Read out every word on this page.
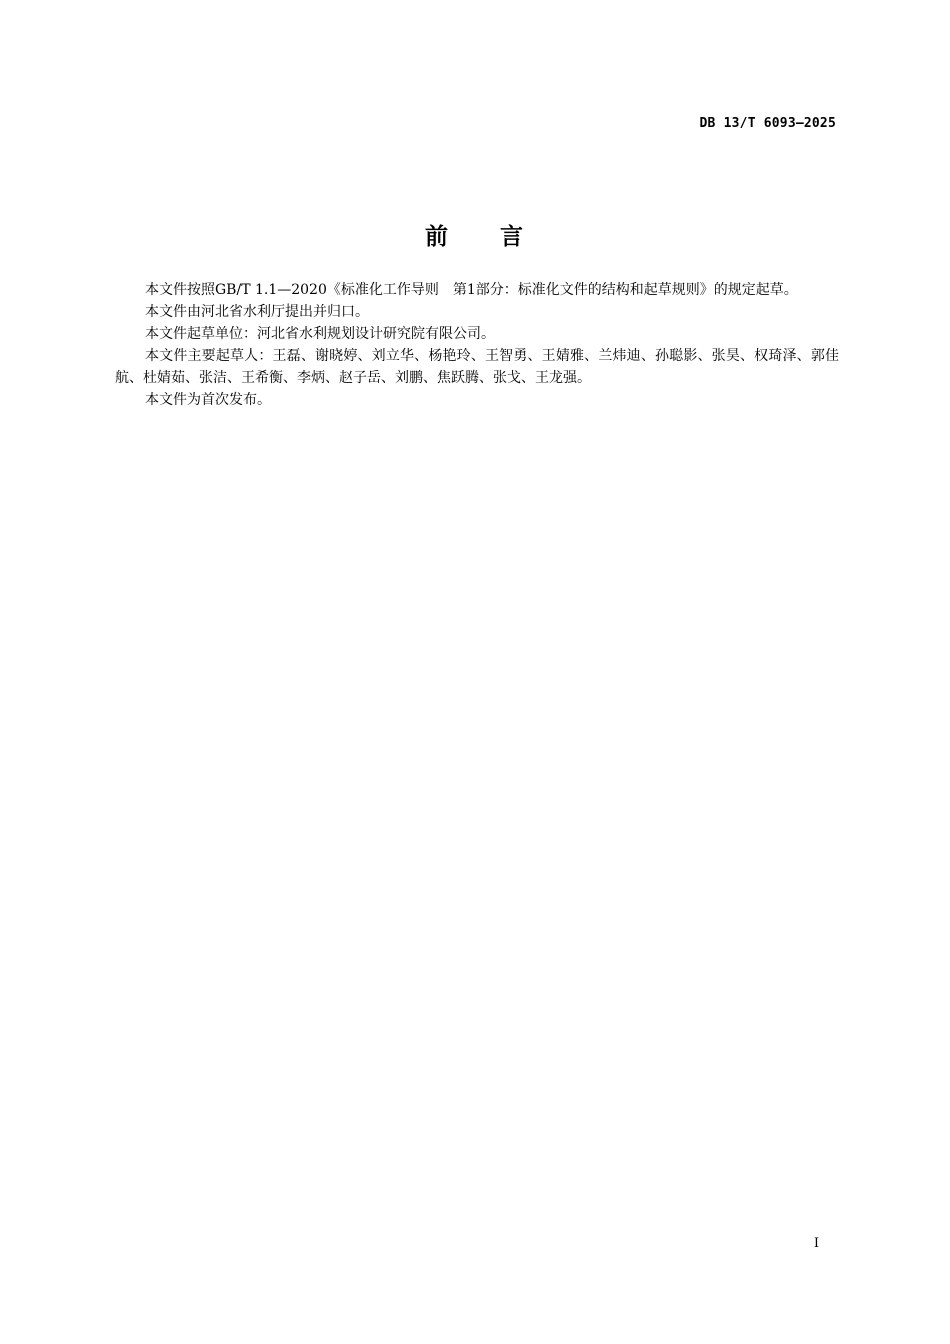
DB 13/T 6093—2025
前 言

本文件按照GB/T 1.1—2020《标准化工作导则　第1部分：标准化文件的结构和起草规则》的规定起草。

本文件由河北省水利厅提出并归口。

本文件起草单位：河北省水利规划设计研究院有限公司。

本文件主要起草人：王磊、谢晓婷、刘立华、杨艳玲、王智勇、王婧雅、兰炜迪、孙聪影、张昊、权琦泽、郭佳航、杜婧茹、张洁、王希衡、李炳、赵子岳、刘鹏、焦跃腾、张戈、王龙强。

本文件为首次发布。

I
